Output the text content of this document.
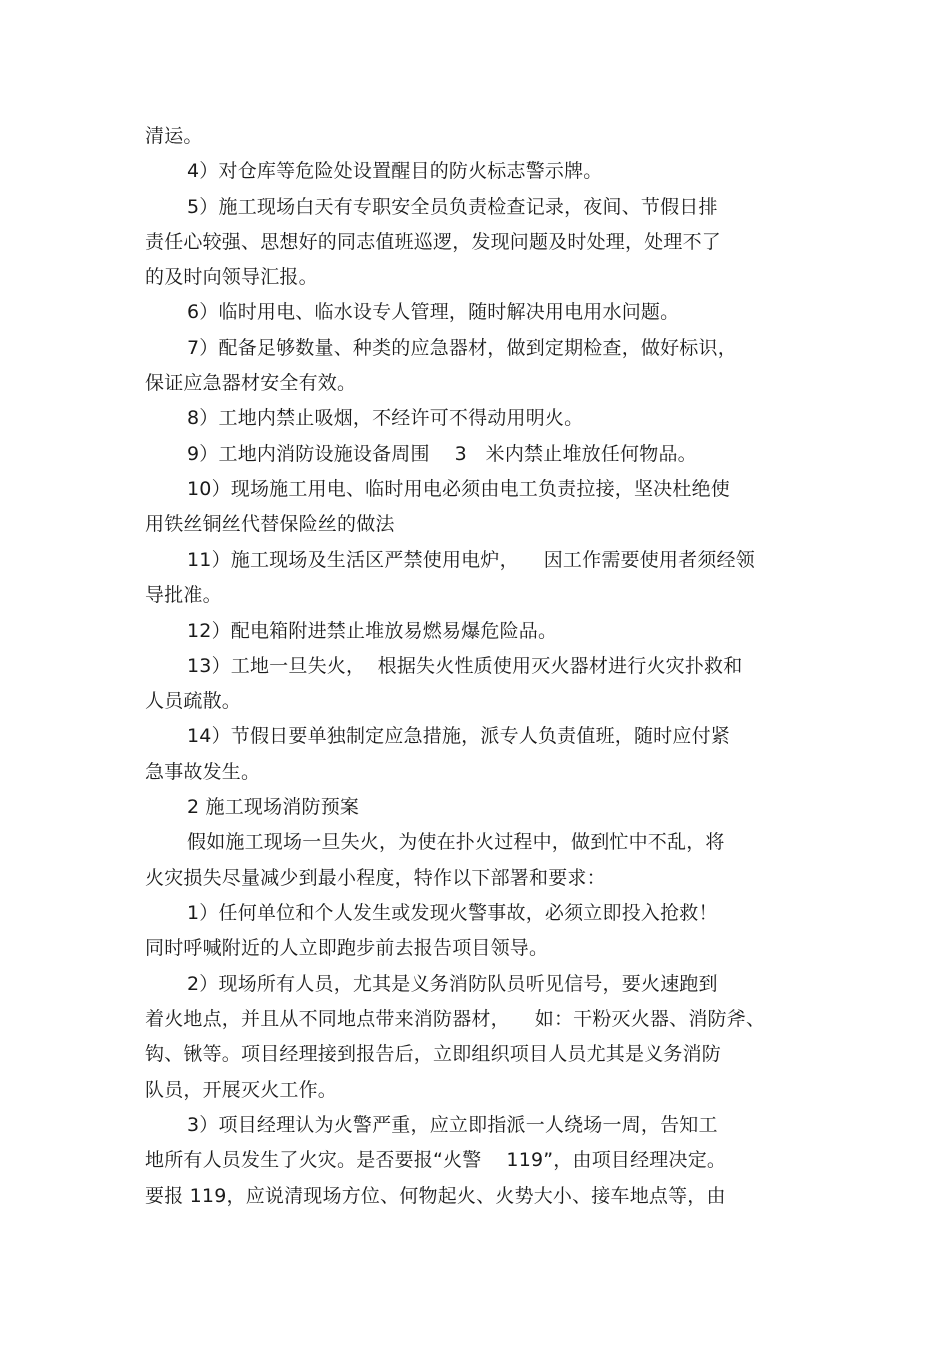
清运。
4）对仓库等危险处设置醒目的防火标志警示牌。
5）施工现场白天有专职安全员负责检查记录，夜间、节假日排
责任心较强、思想好的同志值班巡逻，发现问题及时处理，处理不了
的及时向领导汇报。
6）临时用电、临水设专人管理，随时解决用电用水问题。
7）配备足够数量、种类的应急器材，做到定期检查，做好标识，
保证应急器材安全有效。
8）工地内禁止吸烟，不经许可不得动用明火。
9）工地内消防设施设备周围    3   米内禁止堆放任何物品。
10）现场施工用电、临时用电必须由电工负责拉接，坚决杜绝使
用铁丝铜丝代替保险丝的做法
11）施工现场及生活区严禁使用电炉，    因工作需要使用者须经领
导批准。
12）配电箱附进禁止堆放易燃易爆危险品。
13）工地一旦失火，  根据失火性质使用灭火器材进行火灾扑救和
人员疏散。
14）节假日要单独制定应急措施，派专人负责值班，随时应付紧
急事故发生。
2 施工现场消防预案
假如施工现场一旦失火，为使在扑火过程中，做到忙中不乱，将
火灾损失尽量减少到最小程度，特作以下部署和要求：
1）任何单位和个人发生或发现火警事故，必须立即投入抢救！
同时呼喊附近的人立即跑步前去报告项目领导。
2）现场所有人员，尤其是义务消防队员听见信号，要火速跑到
着火地点，并且从不同地点带来消防器材，    如：干粉灭火器、消防斧、
钩、锹等。项目经理接到报告后，立即组织项目人员尤其是义务消防
队员，开展灭火工作。
3）项目经理认为火警严重，应立即指派一人绕场一周，告知工
地所有人员发生了火灾。是否要报“火警    119”，由项目经理决定。
要报 119，应说清现场方位、何物起火、火势大小、接车地点等，由
